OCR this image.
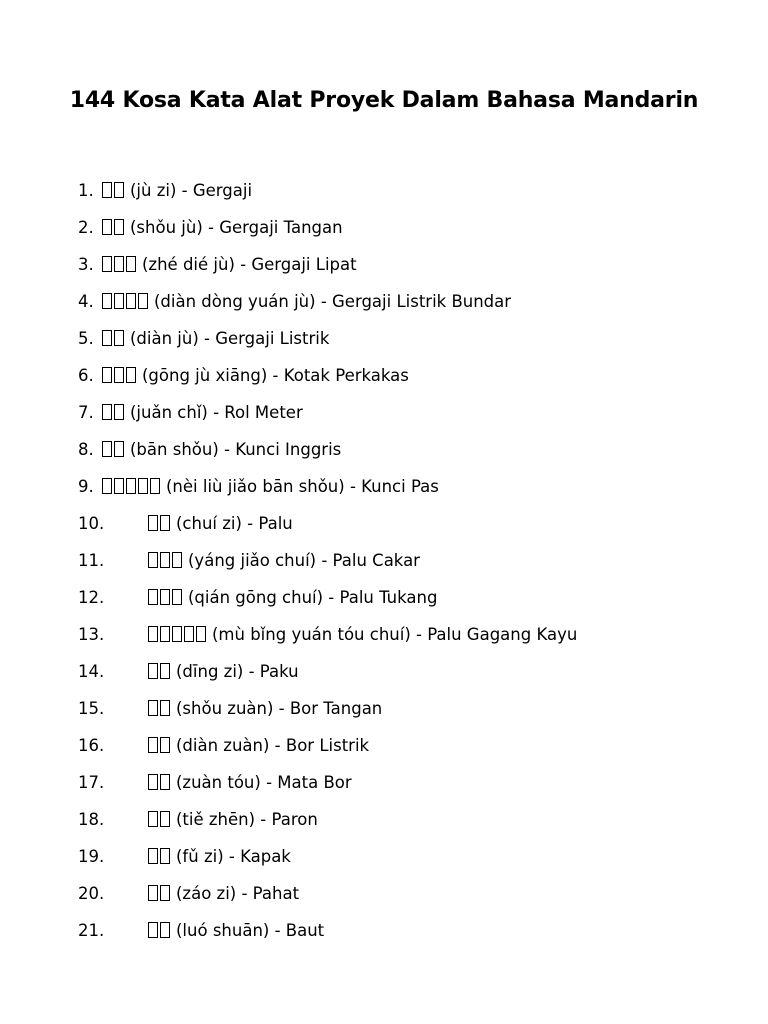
144 Kosa Kata Alat Proyek Dalam Bahasa Mandarin
1.	(jù zi) - Gergaji
2.	(shǒu jù) - Gergaji Tangan
3.	(zhé dié jù) - Gergaji Lipat
4.	(diàn dòng yuán jù) - Gergaji Listrik Bundar
5.	(diàn jù) - Gergaji Listrik
6.	(gōng jù xiāng) - Kotak Perkakas
7.	(juǎn chǐ) - Rol Meter
8.	(bān shǒu) - Kunci Inggris
9.	(nèi liù jiǎo bān shǒu) - Kunci Pas
10.	(chuí zi) - Palu
11.	(yáng jiǎo chuí) - Palu Cakar
12.	(qián gōng chuí) - Palu Tukang
13.	(mù bǐng yuán tóu chuí) - Palu Gagang Kayu
14.	(dīng zi) - Paku
15.	(shǒu zuàn) - Bor Tangan
16.	(diàn zuàn) - Bor Listrik
17.	(zuàn tóu) - Mata Bor
18.	(tiě zhēn) - Paron
19.	(fǔ zi) - Kapak
20.	(záo zi) - Pahat
21.	(luó shuān) - Baut
